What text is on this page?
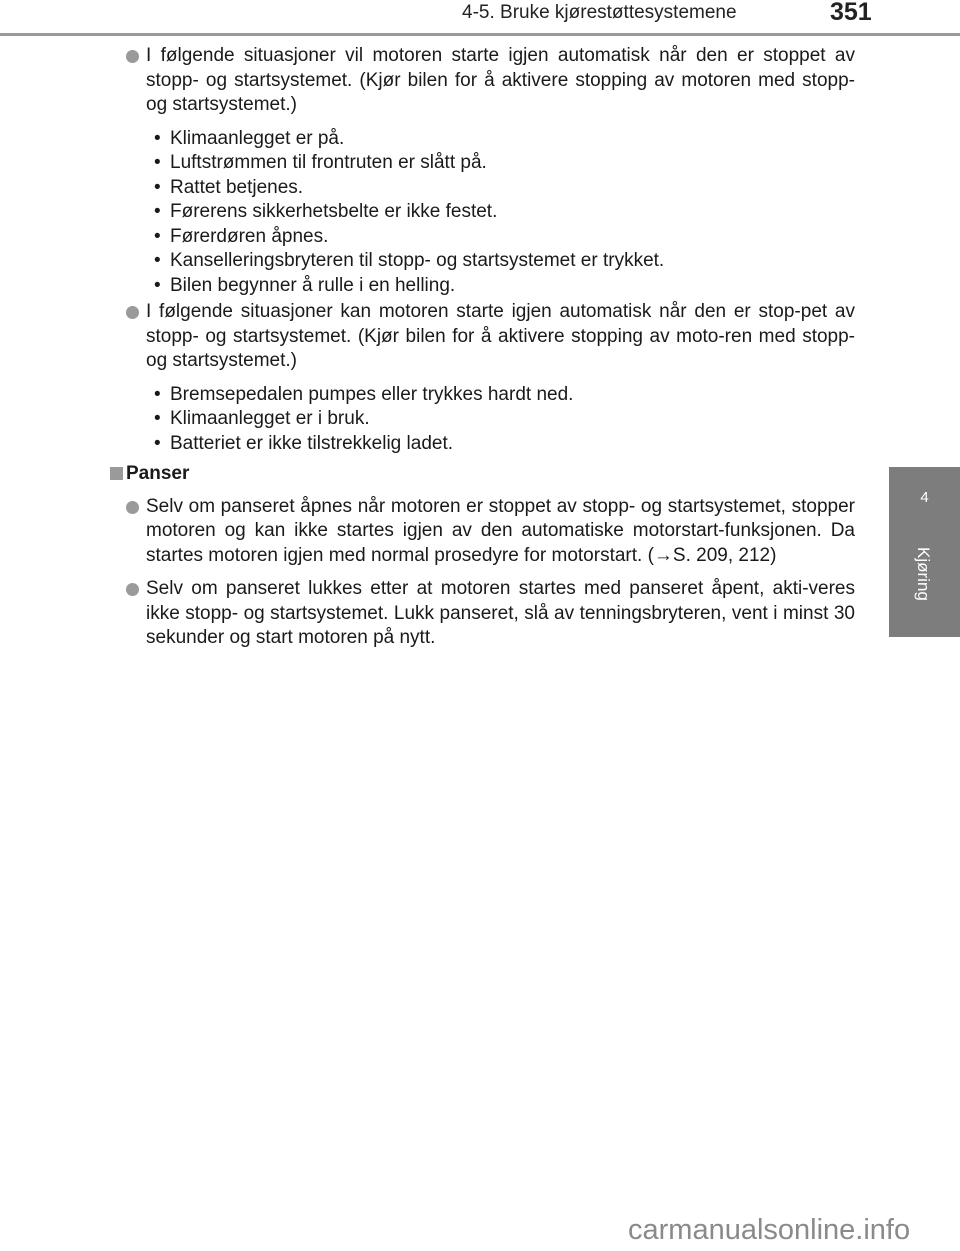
4-5. Bruke kjørestøttesystemene	351
4
Kjøring
I følgende situasjoner vil motoren starte igjen automatisk når den er stoppet av stopp- og startsystemet. (Kjør bilen for å aktivere stopping av motoren med stopp- og startsystemet.)
• Klimaanlegget er på.
• Luftstrømmen til frontruten er slått på.
• Rattet betjenes.
• Førerens sikkerhetsbelte er ikke festet.
• Førerdøren åpnes.
• Kanselleringsbryteren til stopp- og startsystemet er trykket.
• Bilen begynner å rulle i en helling.
I følgende situasjoner kan motoren starte igjen automatisk når den er stop-pet av stopp- og startsystemet. (Kjør bilen for å aktivere stopping av moto-ren med stopp- og startsystemet.)
• Bremsepedalen pumpes eller trykkes hardt ned.
• Klimaanlegget er i bruk.
• Batteriet er ikke tilstrekkelig ladet.
Panser
Selv om panseret åpnes når motoren er stoppet av stopp- og startsystemet, stopper motoren og kan ikke startes igjen av den automatiske motorstart-funksjonen. Da startes motoren igjen med normal prosedyre for motorstart. (→S. 209, 212)
Selv om panseret lukkes etter at motoren startes med panseret åpent, akti-veres ikke stopp- og startsystemet. Lukk panseret, slå av tenningsbryteren, vent i minst 30 sekunder og start motoren på nytt.
carmanualsonline.info
